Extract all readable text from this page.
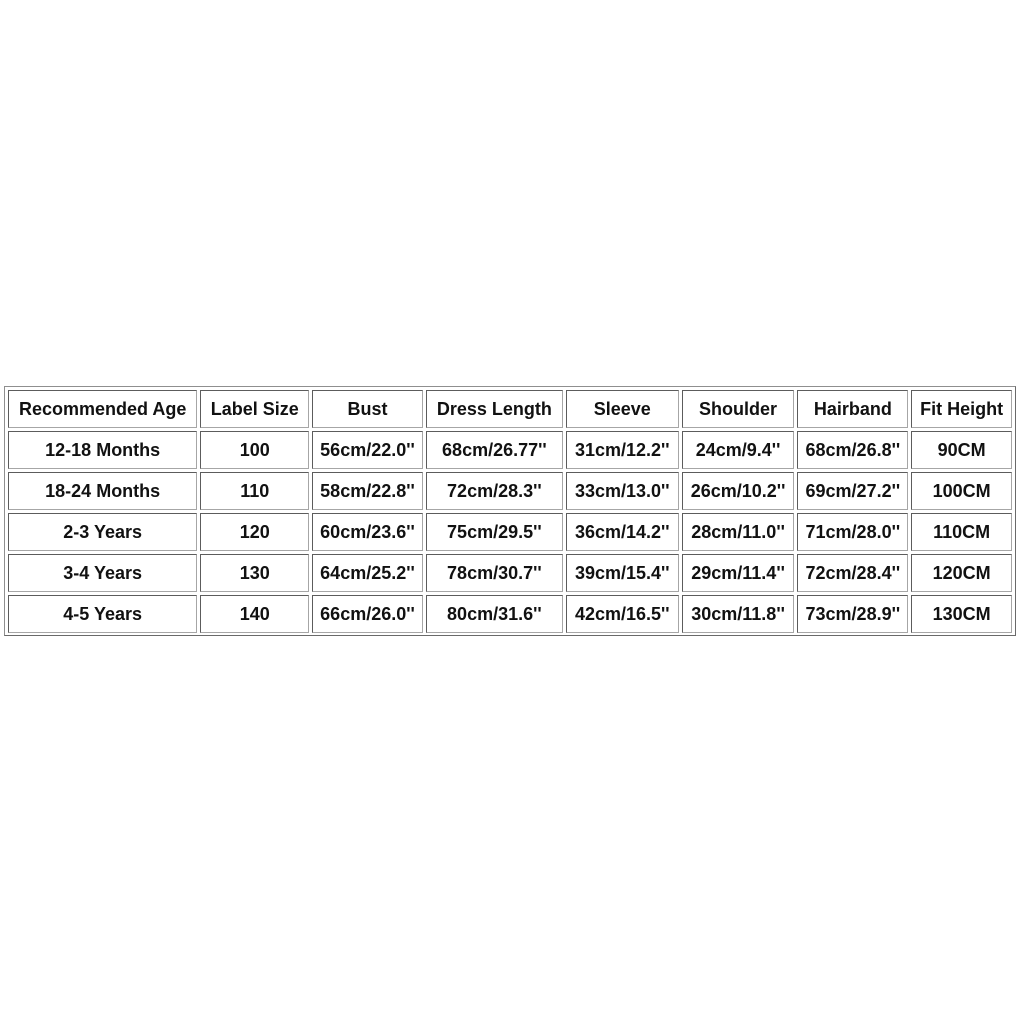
Recommended Age	Label Size	Bust	Dress Length	Sleeve	Shoulder	Hairband	Fit Height
12-18 Months	100	56cm/22.0''	68cm/26.77''	31cm/12.2''	24cm/9.4''	68cm/26.8''	90CM
18-24 Months	110	58cm/22.8''	72cm/28.3''	33cm/13.0''	26cm/10.2''	69cm/27.2''	100CM
2-3 Years	120	60cm/23.6''	75cm/29.5''	36cm/14.2''	28cm/11.0''	71cm/28.0''	110CM
3-4 Years	130	64cm/25.2''	78cm/30.7''	39cm/15.4''	29cm/11.4''	72cm/28.4''	120CM
4-5 Years	140	66cm/26.0''	80cm/31.6''	42cm/16.5''	30cm/11.8''	73cm/28.9''	130CM
